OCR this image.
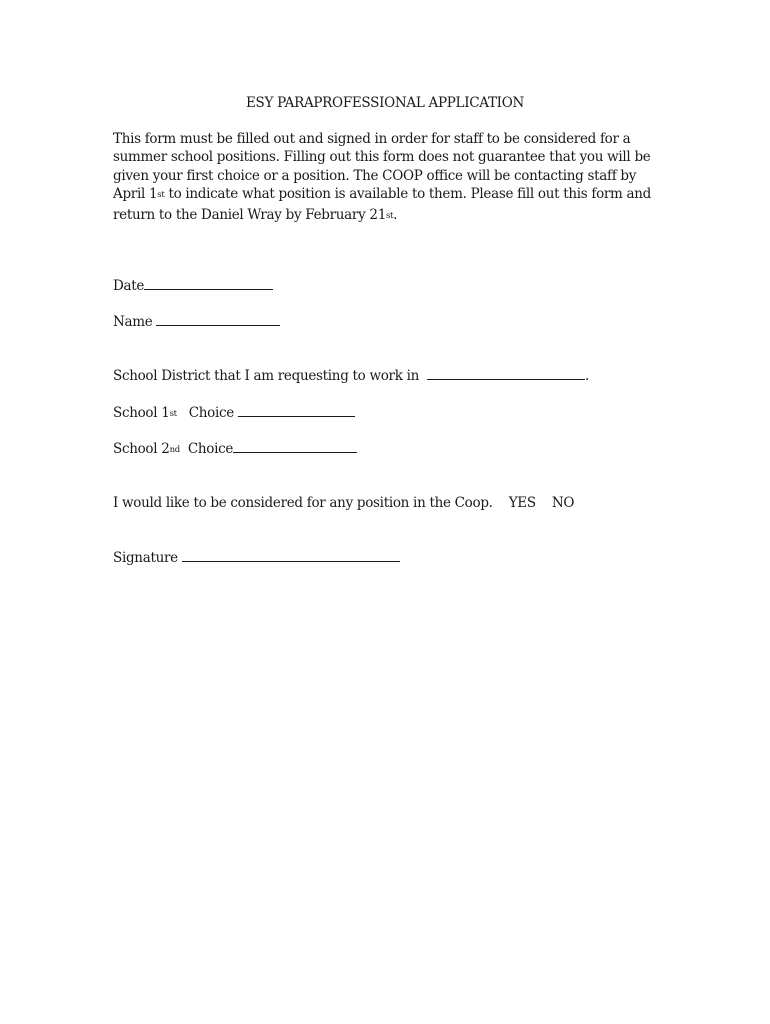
ESY PARAPROFESSIONAL APPLICATION
This form must be filled out and signed in order for staff to be considered for a
summer school positions. Filling out this form does not guarantee that you will be
given your first choice or a position. The COOP office will be contacting staff by
April 1st to indicate what position is available to them. Please fill out this form and
return to the Daniel Wray by February 21st.
Date
Name
School District that I am requesting to work in	.
School 1st   Choice
School 2nd  Choice
I would like to be considered for any position in the Coop. YES NO
Signature
